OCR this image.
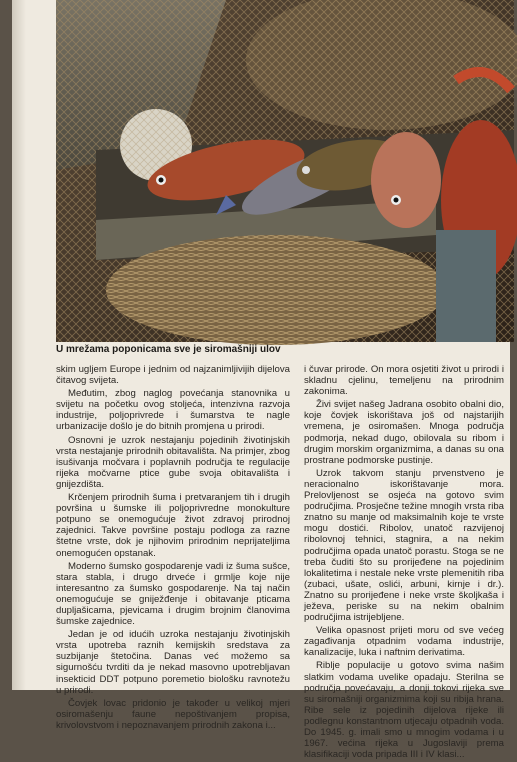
U mrežama poponicama sve je siromašniji ulov

skim ugljem Europe i jednim od najzanimljivijih dijelova čitavog svijeta.

Međutim, zbog naglog povećanja stanovnika u svijetu na početku ovog stoljeća, intenzivna razvoja industrije, poljoprivrede i šumarstva te nagle urbanizacije došlo je do bitnih promjena u prirodi.

Osnovni je uzrok nestajanju pojedinih životinjskih vrsta nestajanje prirodnih obitavališta. Na primjer, zbog isušivanja močvara i poplavnih područja te regulacije rijeka močvarne ptice gube svoja obitavališta i gnijezdišta.

Krčenjem prirodnih šuma i pretvaranjem tih i drugih površina u šumske ili poljoprivredne monokulture potpuno se onemogućuje život zdravoj prirodnoj zajednici. Takve površine postaju podloga za razne štetne vrste, dok je njihovim prirodnim neprijateljima onemogućen opstanak.

Moderno šumsko gospodarenje vadi iz šuma sušce, stara stabla, i drugo drveće i grmlje koje nije interesantno za šumsko gospodarenje. Na taj način onemogućuje se gniježđenje i obitavanje pticama dupljašicama, pjevicama i drugim brojnim članovima šumske zajednice.

Jedan je od idućih uzroka nestajanju životinjskih vrsta upotreba raznih kemijskih sredstava za suzbijanje štetočina. Danas već možemo sa sigurnošću tvrditi da je nekad masovno upotrebljavan insekticid DDT potpuno poremetio biološku ravnotežu u prirodi.

Čovjek lovac pridonio je također u velikoj mjeri osiromašenju faune nepoštivanjem propisa, krivolovstvom i nepoznavanjem prirodnih zakona i...

i čuvar prirode. On mora osjetiti život u prirodi i skladnu cjelinu, temeljenu na prirodnim zakonima.

Živi svijet našeg Jadrana osobito obalni dio, koje čovjek iskorištava još od najstarijih vremena, je osiromašen. Mnoga područja podmorja, nekad dugo, obilovala su ribom i drugim morskim organizmima, a danas su ona prostrane podmorske pustinje.

Uzrok takvom stanju prvenstveno je neracionalno iskorištavanje mora. Prelovljenost se osjeća na gotovo svim područjima. Prosječne težine mnogih vrsta riba znatno su manje od maksimalnih koje te vrste mogu dostići. Ribolov, unatoč razvijenoj ribolovnoj tehnici, stagnira, a na nekim područjima opada unatoč porastu. Stoga se ne treba čuditi što su prorijeđene na pojedinim lokalitetima i nestale neke vrste plemenitih riba (zubaci, ušate, oslići, arbuni, kirnje i dr.). Znatno su prorijeđene i neke vrste školjkaša i ježeva, periske su na nekim obalnim područjima istrijebljene.

Velika opasnost prijeti moru od sve većeg zagađivanja otpadnim vodama industrije, kanalizacije, luka i naftnim derivatima.

Riblje populacije u gotovo svima našim slatkim vodama uvelike opadaju. Sterilna se područja povećavaju, a donji tokovi rijeka sve su siromašniji organizmima koji su ribija hrana. Ribe sele iz pojedinih dijelova rijeke ili podlegnu konstantnom utjecaju otpadnih voda. Do 1945. g. imali smo u mnogim vodama i u 1967. većina rijeka u Jugoslaviji prema klasifikaciji voda pripada III i IV klasi...
